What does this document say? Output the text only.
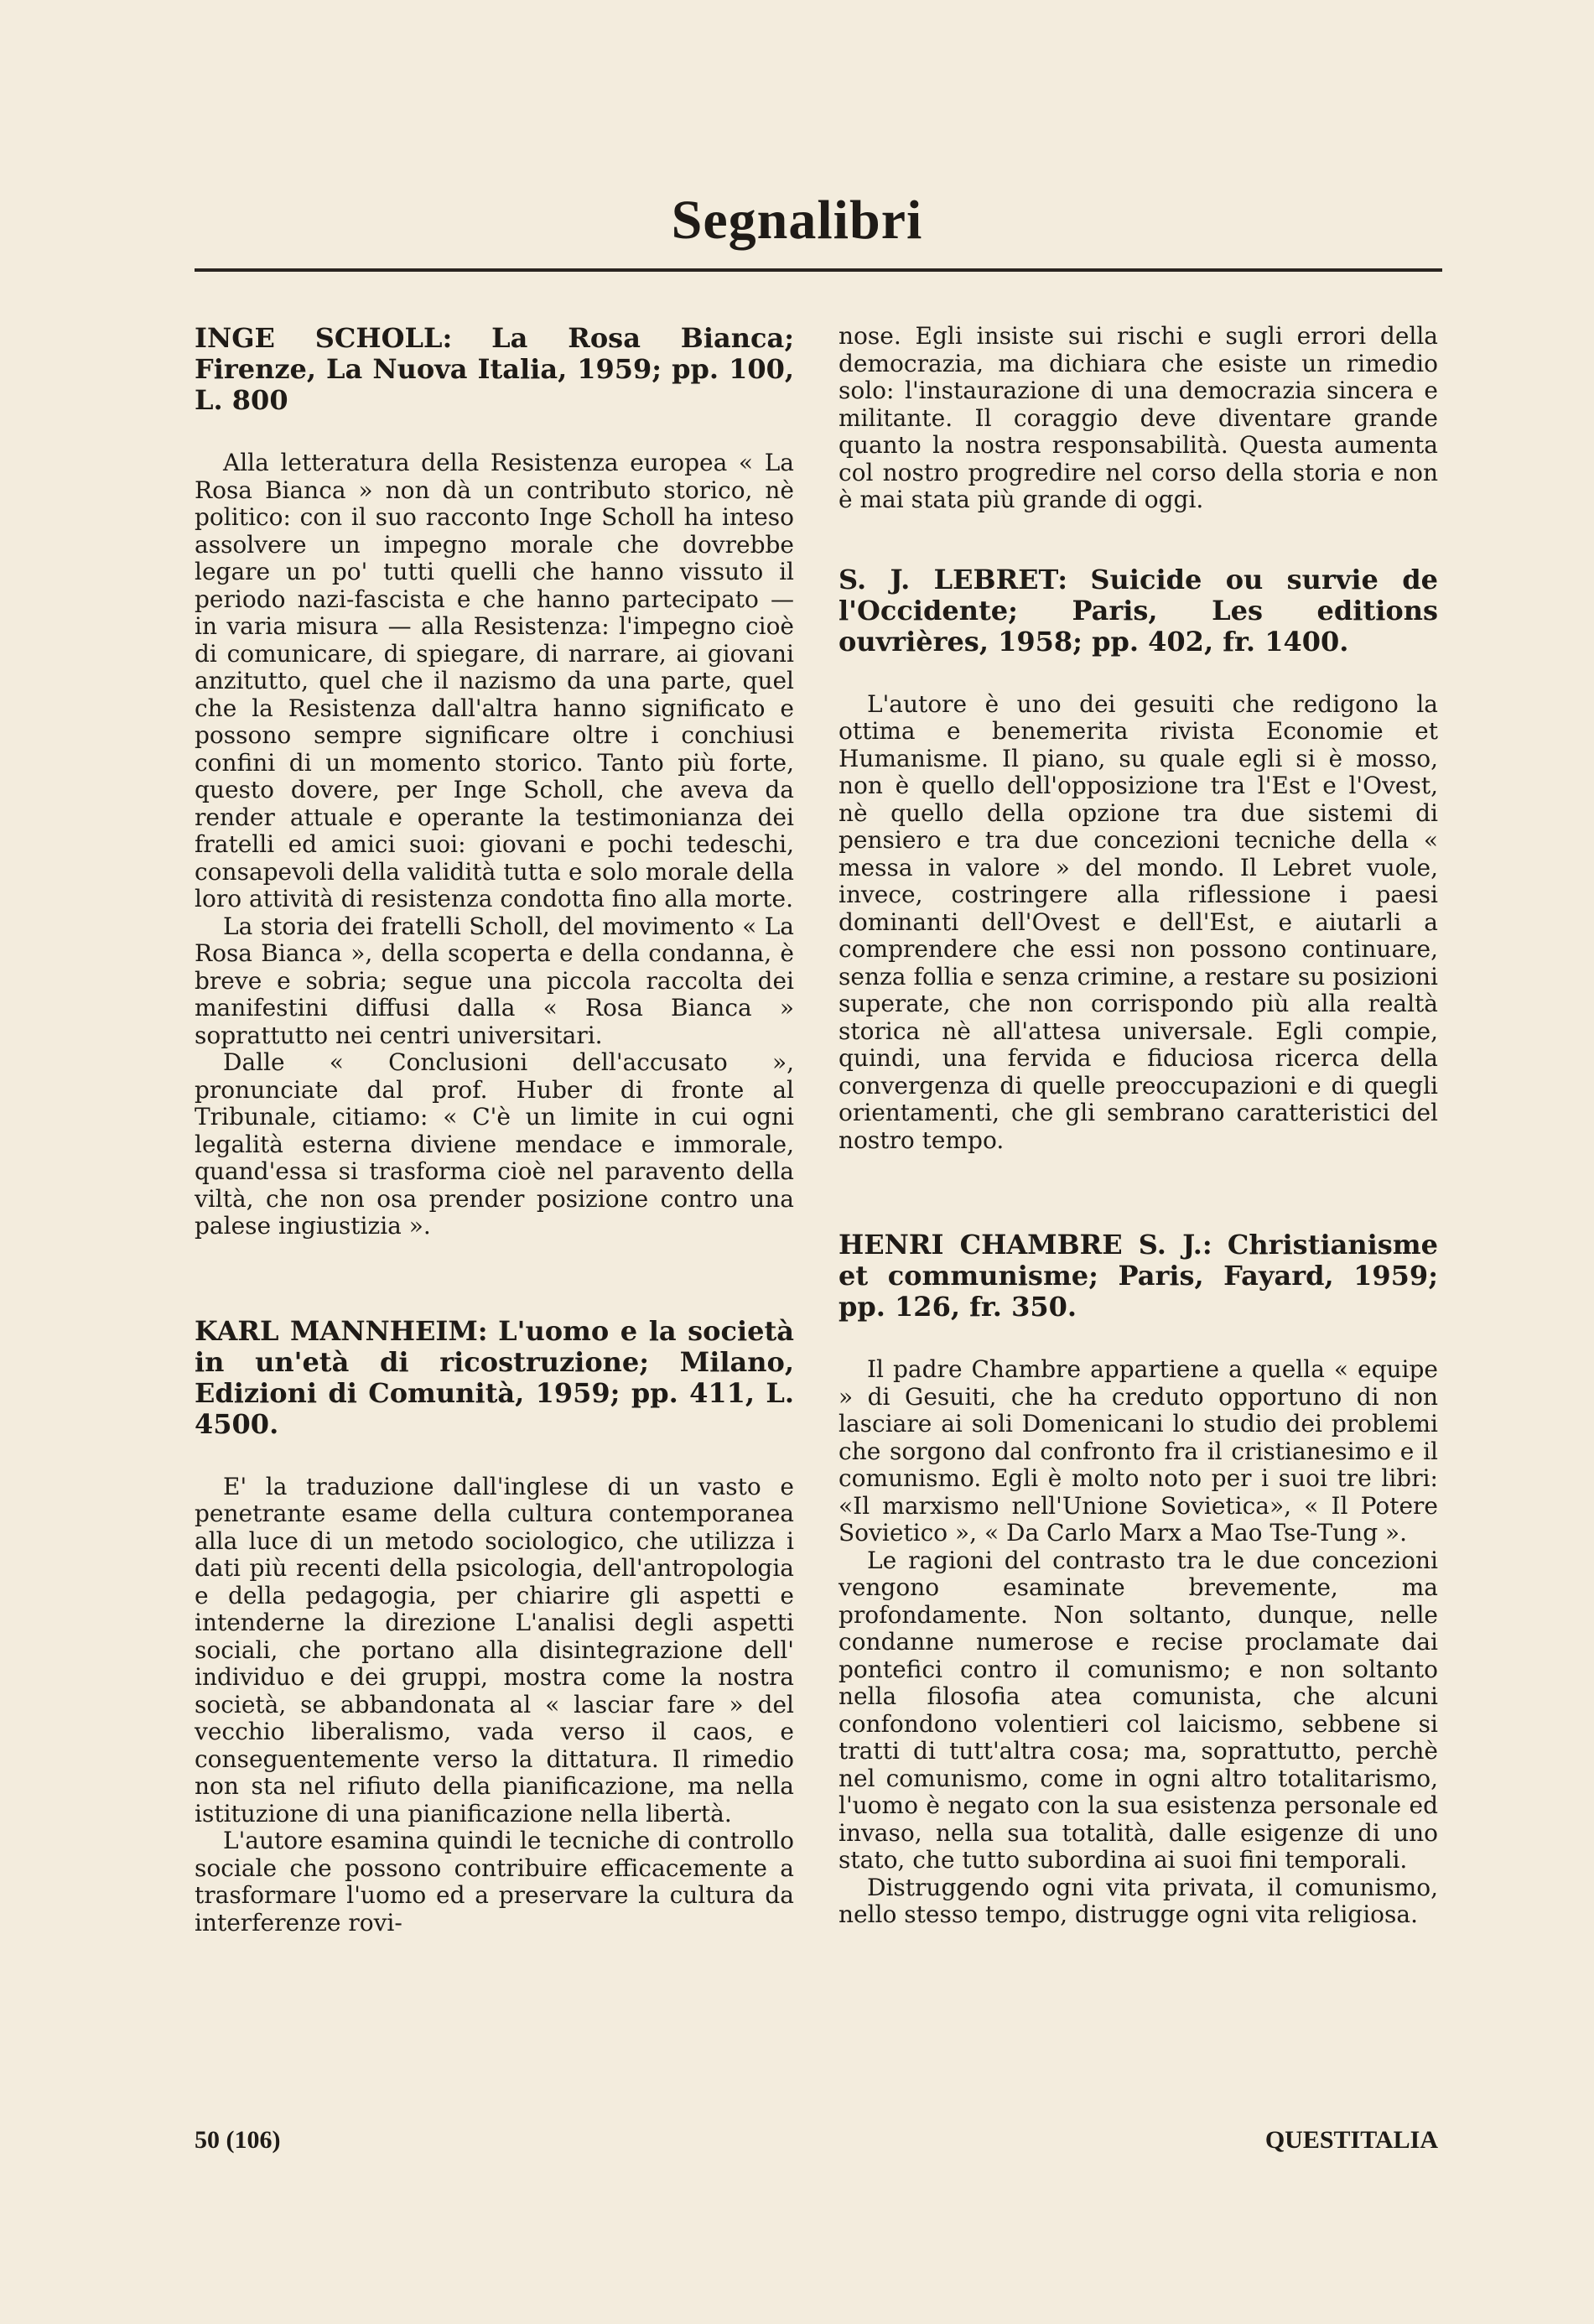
Segnalibri
INGE SCHOLL: La Rosa Bianca; Firenze, La Nuova Italia, 1959; pp. 100, L. 800

Alla letteratura della Resistenza europea « La Rosa Bianca » non dà un contributo storico, nè politico: con il suo racconto Inge Scholl ha inteso assolvere un impegno morale che dovrebbe legare un po' tutti quelli che hanno vissuto il periodo nazi-fascista e che hanno partecipato — in varia misura — alla Resistenza: l'impegno cioè di comunicare, di spiegare, di narrare, ai giovani anzitutto, quel che il nazismo da una parte, quel che la Resistenza dall'altra hanno significato e possono sempre significare oltre i conchiusi confini di un momento storico. Tanto più forte, questo dovere, per Inge Scholl, che aveva da render attuale e operante la testimonianza dei fratelli ed amici suoi: giovani e pochi tedeschi, consapevoli della validità tutta e solo morale della loro attività di resistenza condotta fino alla morte.

La storia dei fratelli Scholl, del movimento « La Rosa Bianca », della scoperta e della condanna, è breve e sobria; segue una piccola raccolta dei manifestini diffusi dalla « Rosa Bianca » soprattutto nei centri universitari.

Dalle « Conclusioni dell'accusato », pronunciate dal prof. Huber di fronte al Tribunale, citiamo: « C'è un limite in cui ogni legalità esterna diviene mendace e immorale, quand'essa si trasforma cioè nel paravento della viltà, che non osa prender posizione contro una palese ingiustizia ».

KARL MANNHEIM: L'uomo e la società in un'età di ricostruzione; Milano, Edizioni di Comunità, 1959; pp. 411, L. 4500.

E' la traduzione dall'inglese di un vasto e penetrante esame della cultura contemporanea alla luce di un metodo sociologico, che utilizza i dati più recenti della psicologia, dell'antropologia e della pedagogia, per chiarire gli aspetti e intenderne la direzione L'analisi degli aspetti sociali, che portano alla disintegrazione dell' individuo e dei gruppi, mostra come la nostra società, se abbandonata al « lasciar fare » del vecchio liberalismo, vada verso il caos, e conseguentemente verso la dittatura. Il rimedio non sta nel rifiuto della pianificazione, ma nella istituzione di una pianificazione nella libertà.

L'autore esamina quindi le tecniche di controllo sociale che possono contribuire efficacemente a trasformare l'uomo ed a preservare la cultura da interferenze rovi-

nose. Egli insiste sui rischi e sugli errori della democrazia, ma dichiara che esiste un rimedio solo: l'instaurazione di una democrazia sincera e militante. Il coraggio deve diventare grande quanto la nostra responsabilità. Questa aumenta col nostro progredire nel corso della storia e non è mai stata più grande di oggi.

S. J. LEBRET: Suicide ou survie de l'Occidente; Paris, Les editions ouvrières, 1958; pp. 402, fr. 1400.

L'autore è uno dei gesuiti che redigono la ottima e benemerita rivista Economie et Humanisme. Il piano, su quale egli si è mosso, non è quello dell'opposizione tra l'Est e l'Ovest, nè quello della opzione tra due sistemi di pensiero e tra due concezioni tecniche della « messa in valore » del mondo. Il Lebret vuole, invece, costringere alla riflessione i paesi dominanti dell'Ovest e dell'Est, e aiutarli a comprendere che essi non possono continuare, senza follia e senza crimine, a restare su posizioni superate, che non corrispondo più alla realtà storica nè all'attesa universale. Egli compie, quindi, una fervida e fiduciosa ricerca della convergenza di quelle preoccupazioni e di quegli orientamenti, che gli sembrano caratteristici del nostro tempo.

HENRI CHAMBRE S. J.: Christianisme et communisme; Paris, Fayard, 1959; pp. 126, fr. 350.

Il padre Chambre appartiene a quella « equipe » di Gesuiti, che ha creduto opportuno di non lasciare ai soli Domenicani lo studio dei problemi che sorgono dal confronto fra il cristianesimo e il comunismo. Egli è molto noto per i suoi tre libri: «Il marxismo nell'Unione Sovietica», « Il Potere Sovietico », « Da Carlo Marx a Mao Tse-Tung ».

Le ragioni del contrasto tra le due concezioni vengono esaminate brevemente, ma profondamente. Non soltanto, dunque, nelle condanne numerose e recise proclamate dai pontefici contro il comunismo; e non soltanto nella filosofia atea comunista, che alcuni confondono volentieri col laicismo, sebbene si tratti di tutt'altra cosa; ma, soprattutto, perchè nel comunismo, come in ogni altro totalitarismo, l'uomo è negato con la sua esistenza personale ed invaso, nella sua totalità, dalle esigenze di uno stato, che tutto subordina ai suoi fini temporali.

Distruggendo ogni vita privata, il comunismo, nello stesso tempo, distrugge ogni vita religiosa.

50 (106)	QUESTITALIA
